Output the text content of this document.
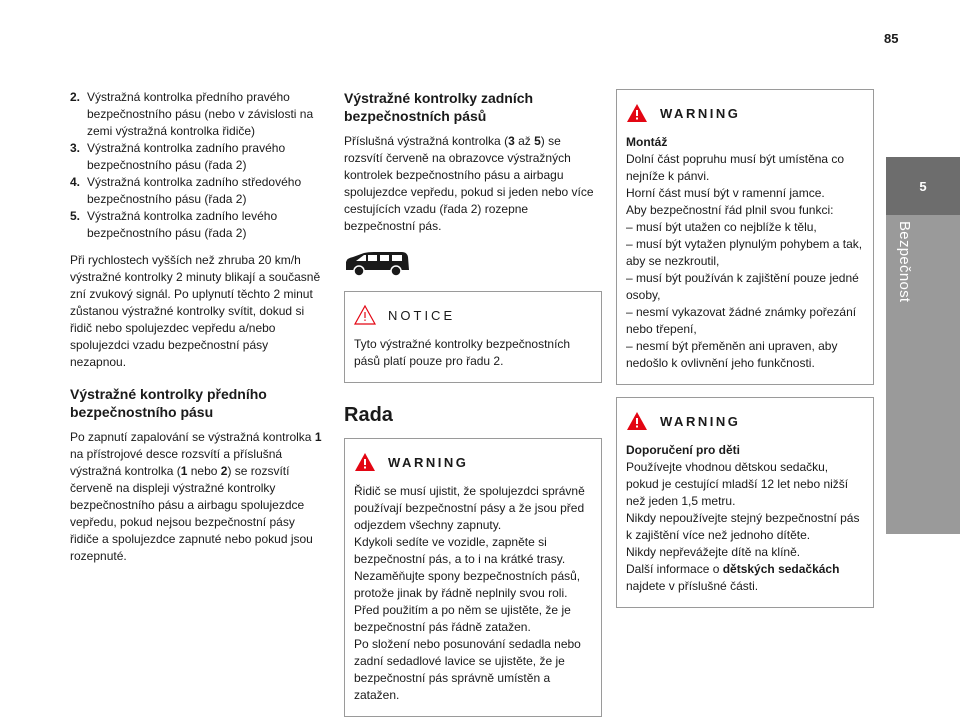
85
5
Bezpečnost
2. Výstražná kontrolka předního pravého bezpečnostního pásu (nebo v závislosti na zemi výstražná kontrolka řidiče)
3. Výstražná kontrolka zadního pravého bezpečnostního pásu (řada 2)
4. Výstražná kontrolka zadního středového bezpečnostního pásu (řada 2)
5. Výstražná kontrolka zadního levého bezpečnostního pásu (řada 2)

Při rychlostech vyšších než zhruba 20 km/h výstražné kontrolky 2 minuty blikají a současně zní zvukový signál. Po uplynutí těchto 2 minut zůstanou výstražné kontrolky svítit, dokud si řidič nebo spolujezdec vepředu a/nebo spolujezdci vzadu bezpečnostní pásy nezapnou.

Výstražné kontrolky předního bezpečnostního pásu

Po zapnutí zapalování se výstražná kontrolka 1 na přístrojové desce rozsvítí a příslušná výstražná kontrolka (1 nebo 2) se rozsvítí červeně na displeji výstražné kontrolky bezpečnostního pásu a airbagu spolujezdce vepředu, pokud nejsou bezpečnostní pásy řidiče a spolujezdce zapnuté nebo pokud jsou rozepnuté.

Výstražné kontrolky zadních bezpečnostních pásů

Příslušná výstražná kontrolka (3 až 5) se rozsvítí červeně na obrazovce výstražných kontrolek bezpečnostního pásu a airbagu spolujezdce vepředu, pokud si jeden nebo více cestujících vzadu (řada 2) rozepne bezpečnostní pás.

NOTICE
Tyto výstražné kontrolky bezpečnostních pásů platí pouze pro řadu 2.
Rada
WARNING
Řidič se musí ujistit, že spolujezdci správně používají bezpečnostní pásy a že jsou před odjezdem všechny zapnuty.
Kdykoli sedíte ve vozidle, zapněte si bezpečnostní pás, a to i na krátké trasy.
Nezaměňujte spony bezpečnostních pásů, protože jinak by řádně neplnily svou roli.
Před použitím a po něm se ujistěte, že je bezpečnostní pás řádně zatažen.
Po složení nebo posunování sedadla nebo zadní sedadlové lavice se ujistěte, že je bezpečnostní pás správně umístěn a zatažen.
WARNING
Montáž
Dolní část popruhu musí být umístěna co nejníže k pánvi.
Horní část musí být v ramenní jamce.
Aby bezpečnostní řád plnil svou funkci:
– musí být utažen co nejblíže k tělu,
– musí být vytažen plynulým pohybem a tak, aby se nezkroutil,
– musí být používán k zajištění pouze jedné osoby,
– nesmí vykazovat žádné známky pořezání nebo třepení,
– nesmí být přeměněn ani upraven, aby nedošlo k ovlivnění jeho funkčnosti.
WARNING
Doporučení pro děti
Používejte vhodnou dětskou sedačku, pokud je cestující mladší 12 let nebo nižší než jeden 1,5 metru.
Nikdy nepoužívejte stejný bezpečnostní pás k zajištění více než jednoho dítěte.
Nikdy nepřevážejte dítě na klíně.
Další informace o dětských sedačkách najdete v příslušné části.
